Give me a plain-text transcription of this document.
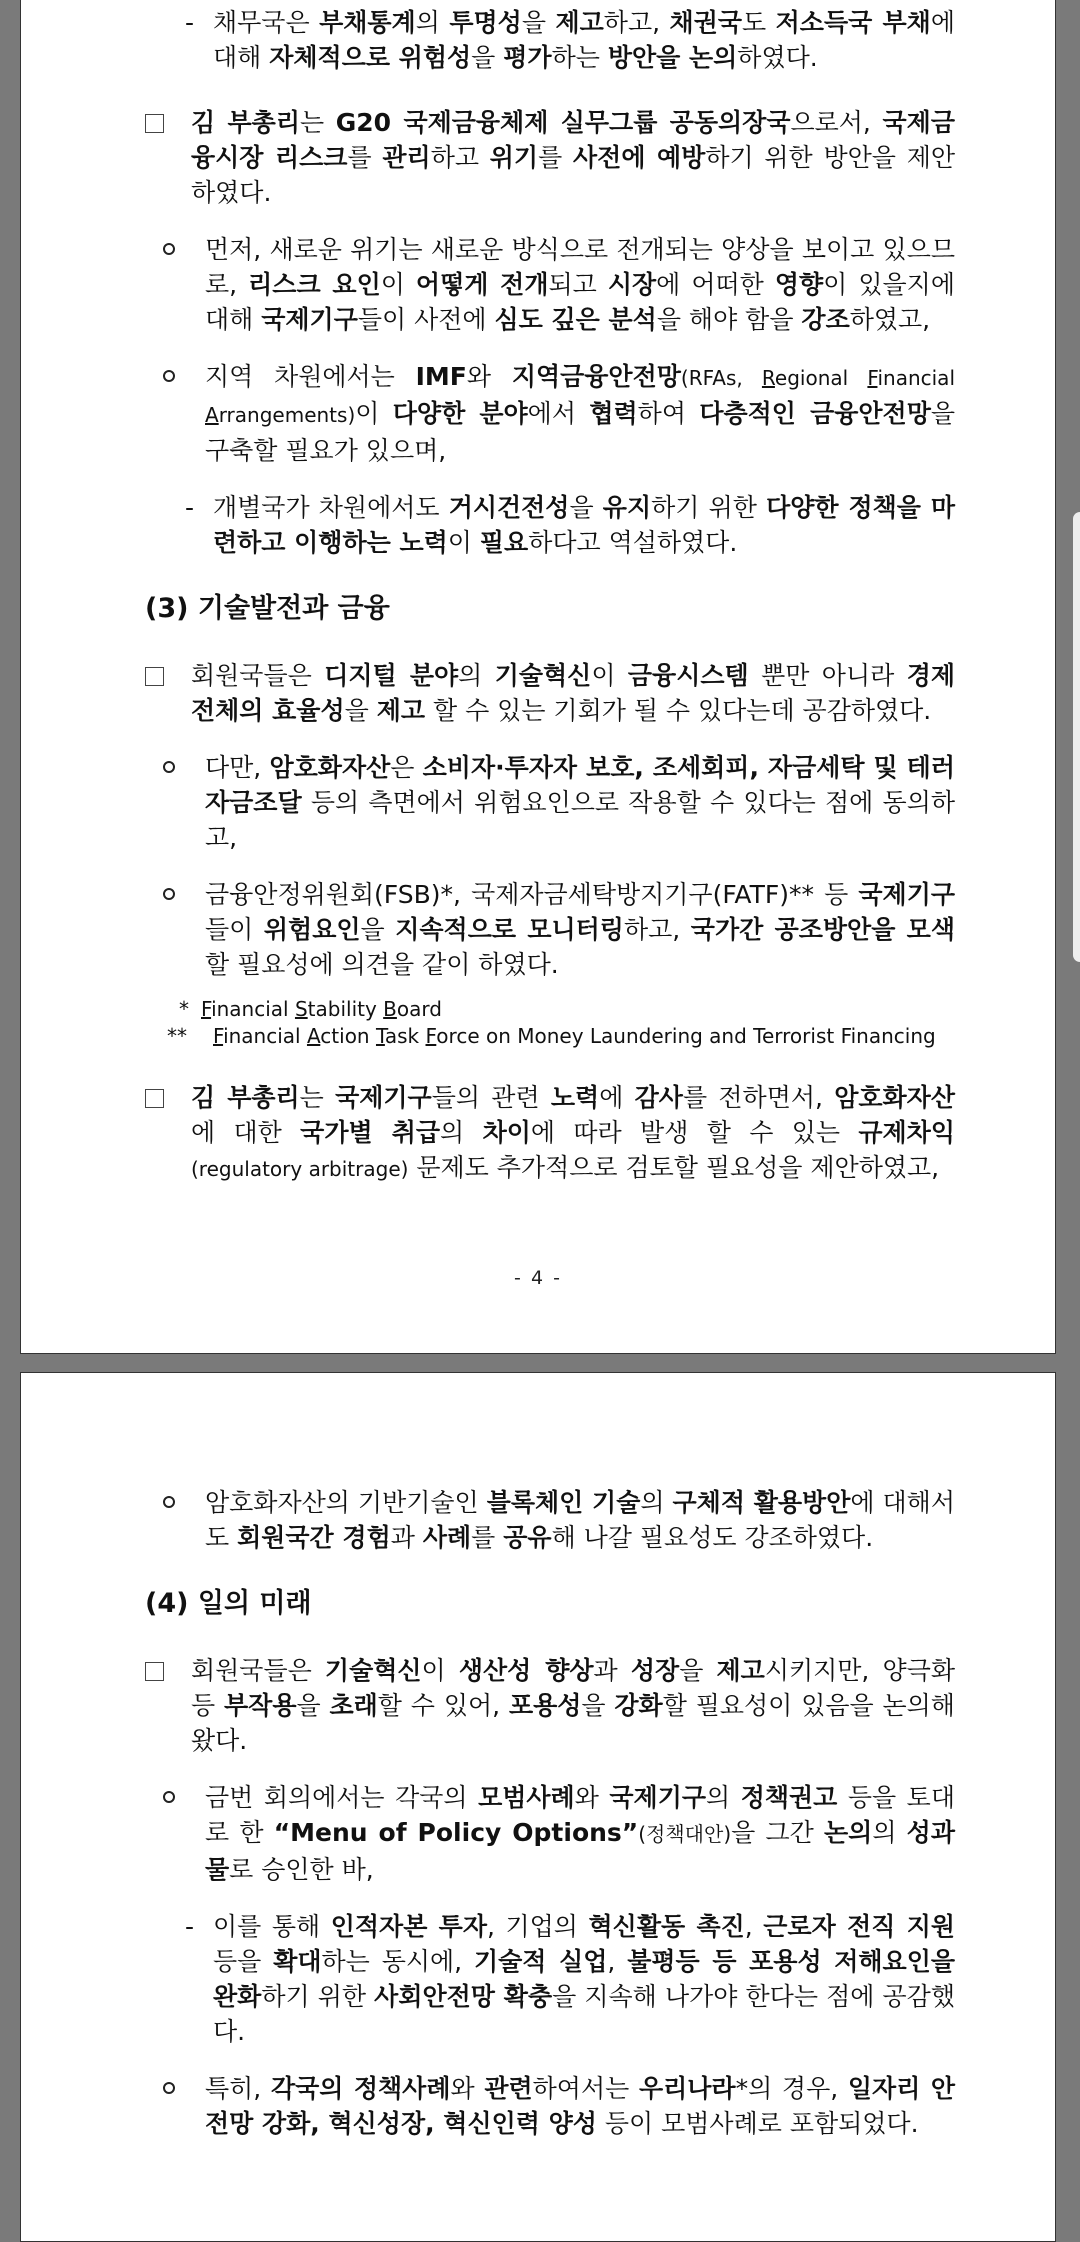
- 채무국은 부채통계의 투명성을 제고하고, 채권국도 저소득국 부채에 대해 자체적으로 위험성을 평가하는 방안을 논의하였다.
김 부총리는 G20 국제금융체제 실무그룹 공동의장국으로서, 국제금융시장 리스크를 관리하고 위기를 사전에 예방하기 위한 방안을 제안하였다.
먼저, 새로운 위기는 새로운 방식으로 전개되는 양상을 보이고 있으므로, 리스크 요인이 어떻게 전개되고 시장에 어떠한 영향이 있을지에 대해 국제기구들이 사전에 심도 깊은 분석을 해야 함을 강조하였고,
지역 차원에서는 IMF와 지역금융안전망(RFAs, Regional Financial Arrangements)이 다양한 분야에서 협력하여 다층적인 금융안전망을 구축할 필요가 있으며,
- 개별국가 차원에서도 거시건전성을 유지하기 위한 다양한 정책을 마련하고 이행하는 노력이 필요하다고 역설하였다.
(3) 기술발전과 금융
회원국들은 디지털 분야의 기술혁신이 금융시스템 뿐만 아니라 경제 전체의 효율성을 제고 할 수 있는 기회가 될 수 있다는데 공감하였다.
다만, 암호화자산은 소비자·투자자 보호, 조세회피, 자금세탁 및 테러자금조달 등의 측면에서 위험요인으로 작용할 수 있다는 점에 동의하고,
금융안정위원회(FSB)*, 국제자금세탁방지기구(FATF)** 등 국제기구들이 위험요인을 지속적으로 모니터링하고, 국가간 공조방안을 모색할 필요성에 의견을 같이 하였다.
* Financial Stability Board
** Financial Action Task Force on Money Laundering and Terrorist Financing
김 부총리는 국제기구들의 관련 노력에 감사를 전하면서, 암호화자산에 대한 국가별 취급의 차이에 따라 발생 할 수 있는 규제차익(regulatory arbitrage) 문제도 추가적으로 검토할 필요성을 제안하였고,
- 4 -
암호화자산의 기반기술인 블록체인 기술의 구체적 활용방안에 대해서도 회원국간 경험과 사례를 공유해 나갈 필요성도 강조하였다.
(4) 일의 미래
회원국들은 기술혁신이 생산성 향상과 성장을 제고시키지만, 양극화 등 부작용을 초래할 수 있어, 포용성을 강화할 필요성이 있음을 논의해 왔다.
금번 회의에서는 각국의 모범사례와 국제기구의 정책권고 등을 토대로 한 “Menu of Policy Options”(정책대안)을 그간 논의의 성과물로 승인한 바,
- 이를 통해 인적자본 투자, 기업의 혁신활동 촉진, 근로자 전직 지원 등을 확대하는 동시에, 기술적 실업, 불평등 등 포용성 저해요인을 완화하기 위한 사회안전망 확충을 지속해 나가야 한다는 점에 공감했다.
특히, 각국의 정책사례와 관련하여서는 우리나라*의 경우, 일자리 안전망 강화, 혁신성장, 혁신인력 양성 등이 모범사례로 포함되었다.
